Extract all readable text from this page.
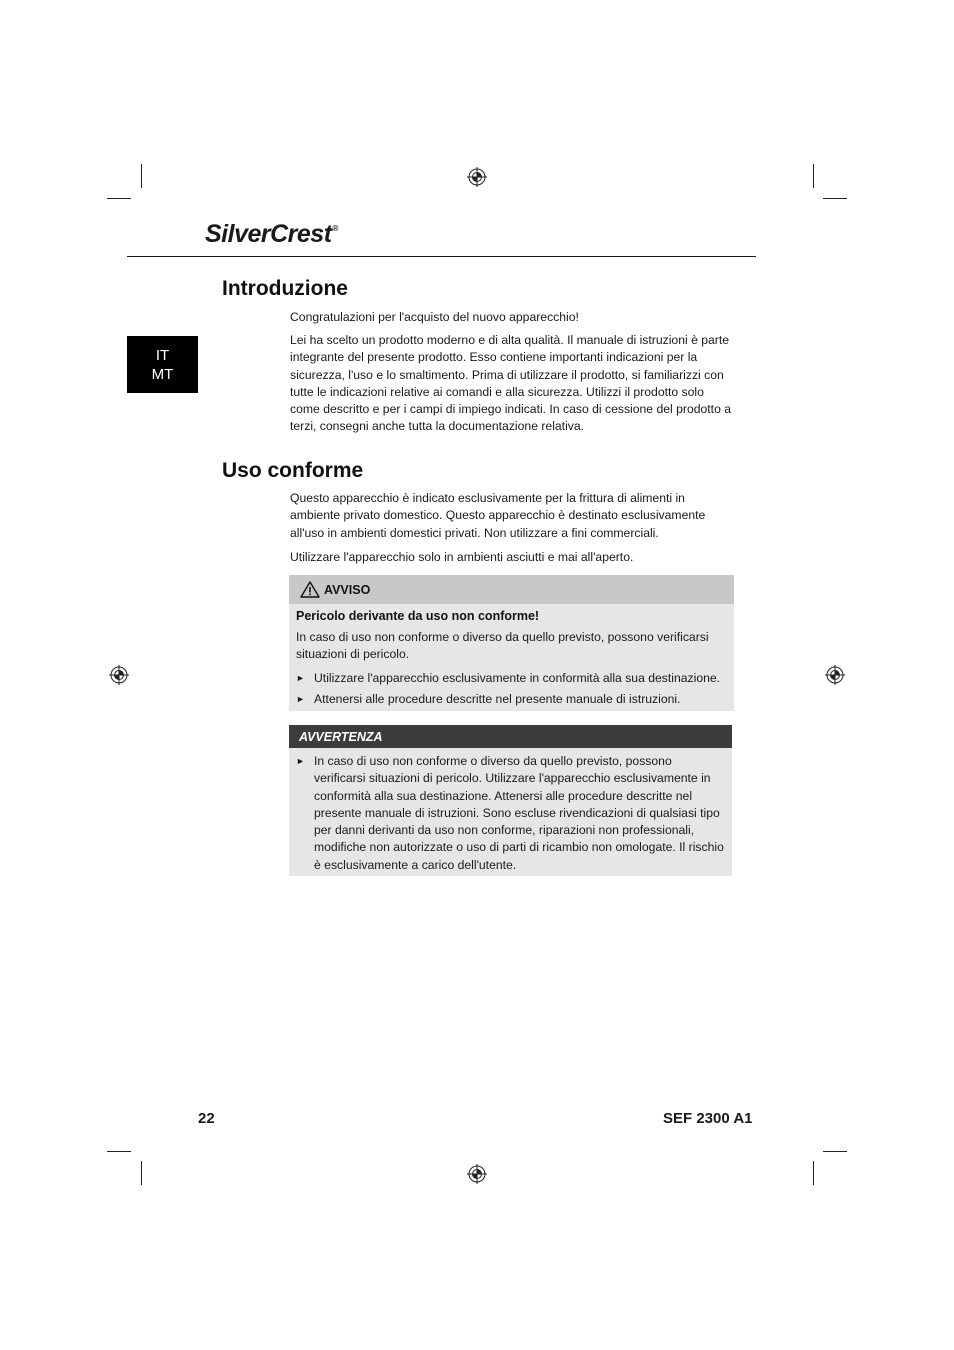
SilverCrest®
IT
MT
Introduzione

Congratulazioni per l'acquisto del nuovo apparecchio!

Lei ha scelto un prodotto moderno e di alta qualità. Il manuale di istruzioni è parte integrante del presente prodotto. Esso contiene importanti indicazioni per la sicurezza, l'uso e lo smaltimento. Prima di utilizzare il prodotto, si familiarizzi con tutte le indicazioni relative ai comandi e alla sicurezza. Utilizzi il prodotto solo come descritto e per i campi di impiego indicati. In caso di cessione del prodotto a terzi, consegni anche tutta la documentazione relativa.

Uso conforme

Questo apparecchio è indicato esclusivamente per la frittura di alimenti in ambiente privato domestico. Questo apparecchio è destinato esclusivamente all'uso in ambienti domestici privati. Non utilizzare a fini commerciali.

Utilizzare l'apparecchio solo in ambienti asciutti e mai all'aperto.

AVVISO
Pericolo derivante da uso non conforme!
In caso di uso non conforme o diverso da quello previsto, possono verificarsi situazioni di pericolo.
► Utilizzare l'apparecchio esclusivamente in conformità alla sua destinazione.
► Attenersi alle procedure descritte nel presente manuale di istruzioni.
AVVERTENZA
► In caso di uso non conforme o diverso da quello previsto, possono verificarsi situazioni di pericolo. Utilizzare l'apparecchio esclusivamente in conformità alla sua destinazione. Attenersi alle procedure descritte nel presente manuale di istruzioni. Sono escluse rivendicazioni di qualsiasi tipo per danni derivanti da uso non conforme, riparazioni non professionali, modifiche non autorizzate o uso di parti di ricambio non omologate. Il rischio è esclusivamente a carico dell'utente.
22	SEF 2300 A1
